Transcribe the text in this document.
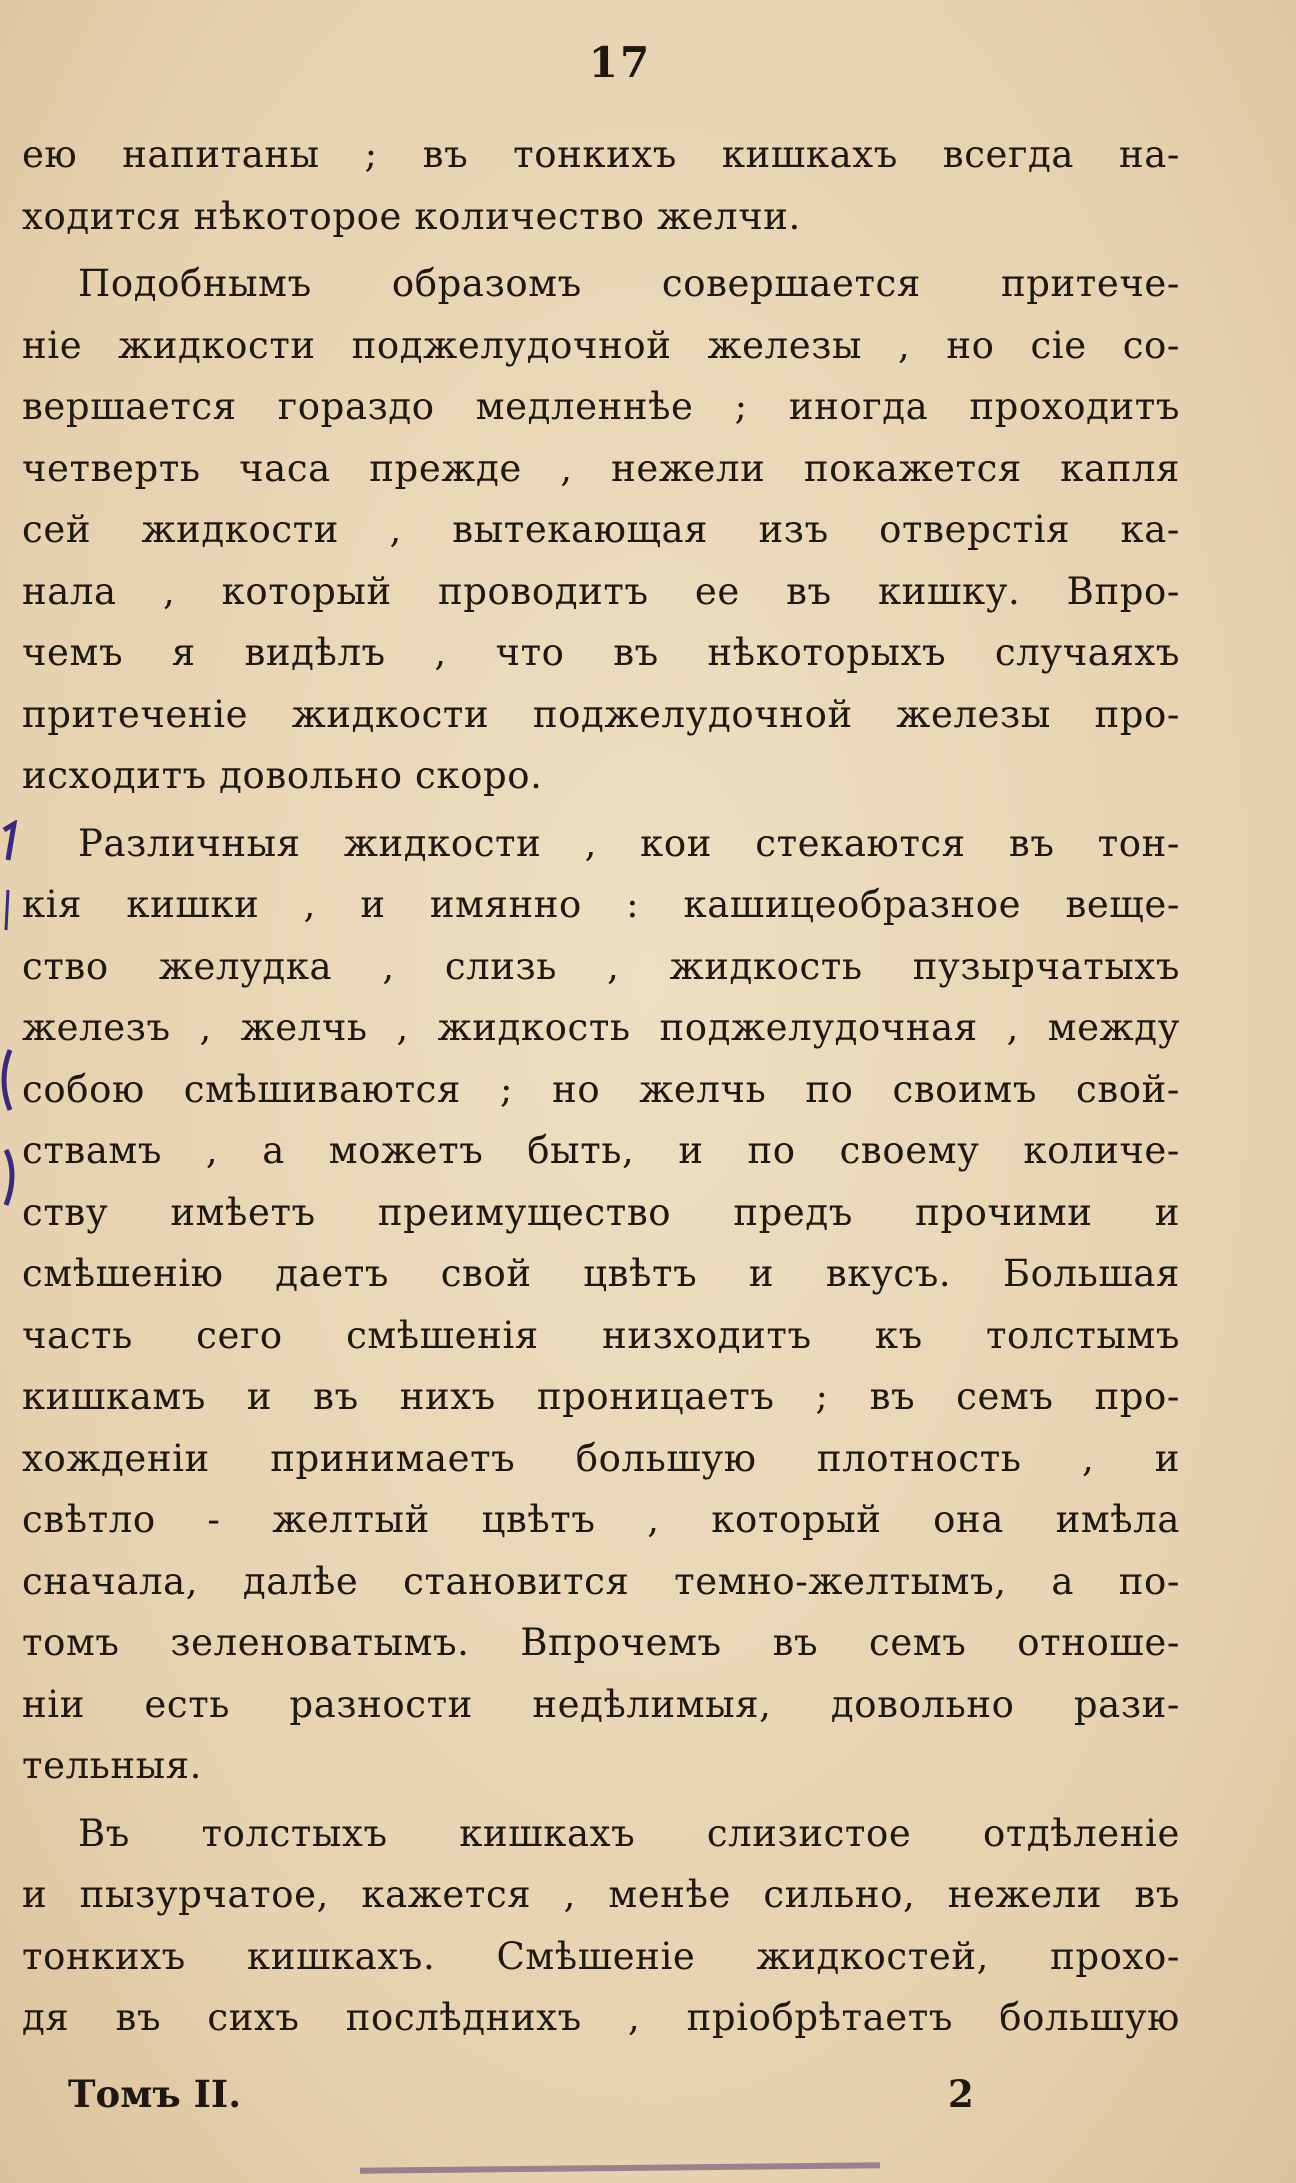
17

ею напитаны ; въ тонкихъ кишкахъ всегда на-
ходится нѣкоторое количество желчи.

Подобнымъ образомъ совершается притече-
ніе жидкости поджелудочной железы , но сіе со-
вершается гораздо медленнѣе ; иногда проходитъ
четверть часа прежде , нежели покажется капля
сей жидкости , вытекающая изъ отверстія ка-
нала , который проводитъ ее въ кишку. Впро-
чемъ я видѣлъ , что въ нѣкоторыхъ случаяхъ
притеченіе жидкости поджелудочной железы про-
исходитъ довольно скоро.

Различныя жидкости , кои стекаются въ тон-
кія кишки , и имянно : кашицеобразное веще-
ство желудка , слизь , жидкость пузырчатыхъ
железъ , желчь , жидкость поджелудочная , между
собою смѣшиваются ; но желчь по своимъ свой-
ствамъ , а можетъ быть, и по своему количе-
ству имѣетъ преимущество предъ прочими и
смѣшенію даетъ свой цвѣтъ и вкусъ. Большая
часть сего смѣшенія низходитъ къ толстымъ
кишкамъ и въ нихъ проницаетъ ; въ семъ про-
хожденіи принимаетъ большую плотность , и
свѣтло - желтый цвѣтъ , который она имѣла
сначала, далѣе становится темно-желтымъ, а по-
томъ зеленоватымъ. Впрочемъ въ семъ отноше-
ніи есть разности недѣлимыя, довольно рази-
тельныя.

Въ толстыхъ кишкахъ слизистое отдѣленіе
и пызурчатое, кажется , менѣе сильно, нежели въ
тонкихъ кишкахъ. Смѣшеніе жидкостей, прохо-
дя въ сихъ послѣднихъ , пріобрѣтаетъ большую

Томъ II.	2
